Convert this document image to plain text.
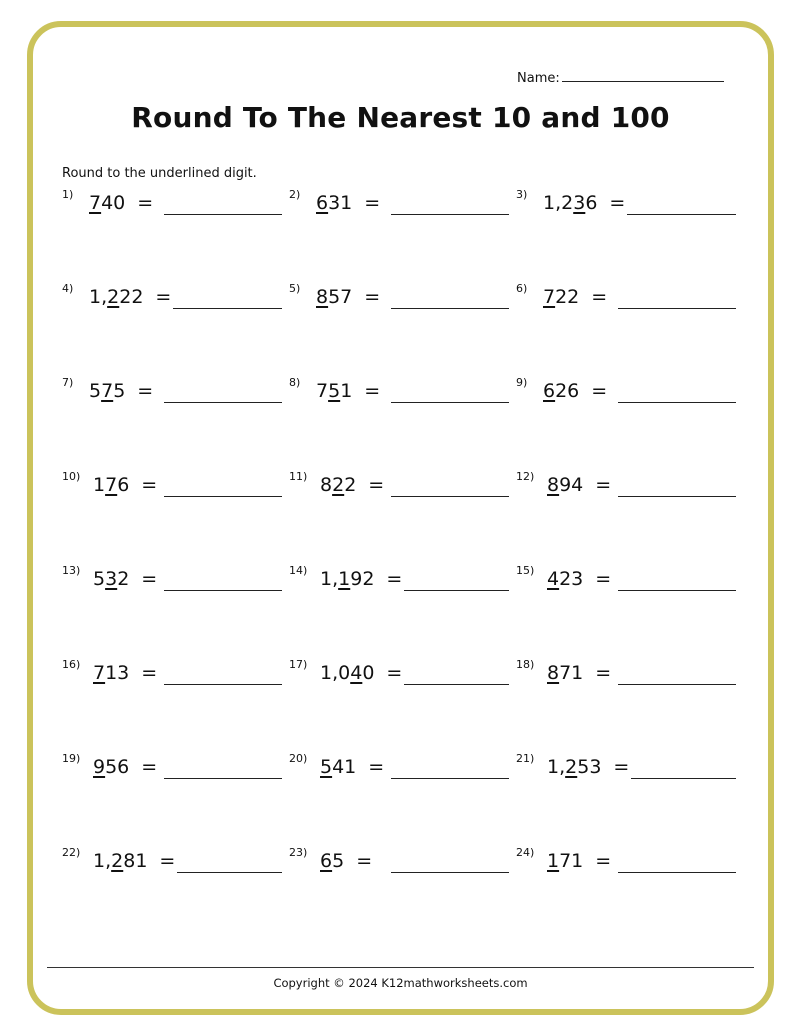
Name:
Round To The Nearest 10 and 100
Round to the underlined digit.
1) 740 =	2) 631 =	3) 1,236 =
4) 1,222 =	5) 857 =	6) 722 =
7) 575 =	8) 751 =	9) 626 =
10) 176 =	11) 822 =	12) 894 =
13) 532 =	14) 1,192 =	15) 423 =
16) 713 =	17) 1,040 =	18) 871 =
19) 956 =	20) 541 =	21) 1,253 =
22) 1,281 =	23) 65 =	24) 171 =
Copyright © 2024 K12mathworksheets.com
